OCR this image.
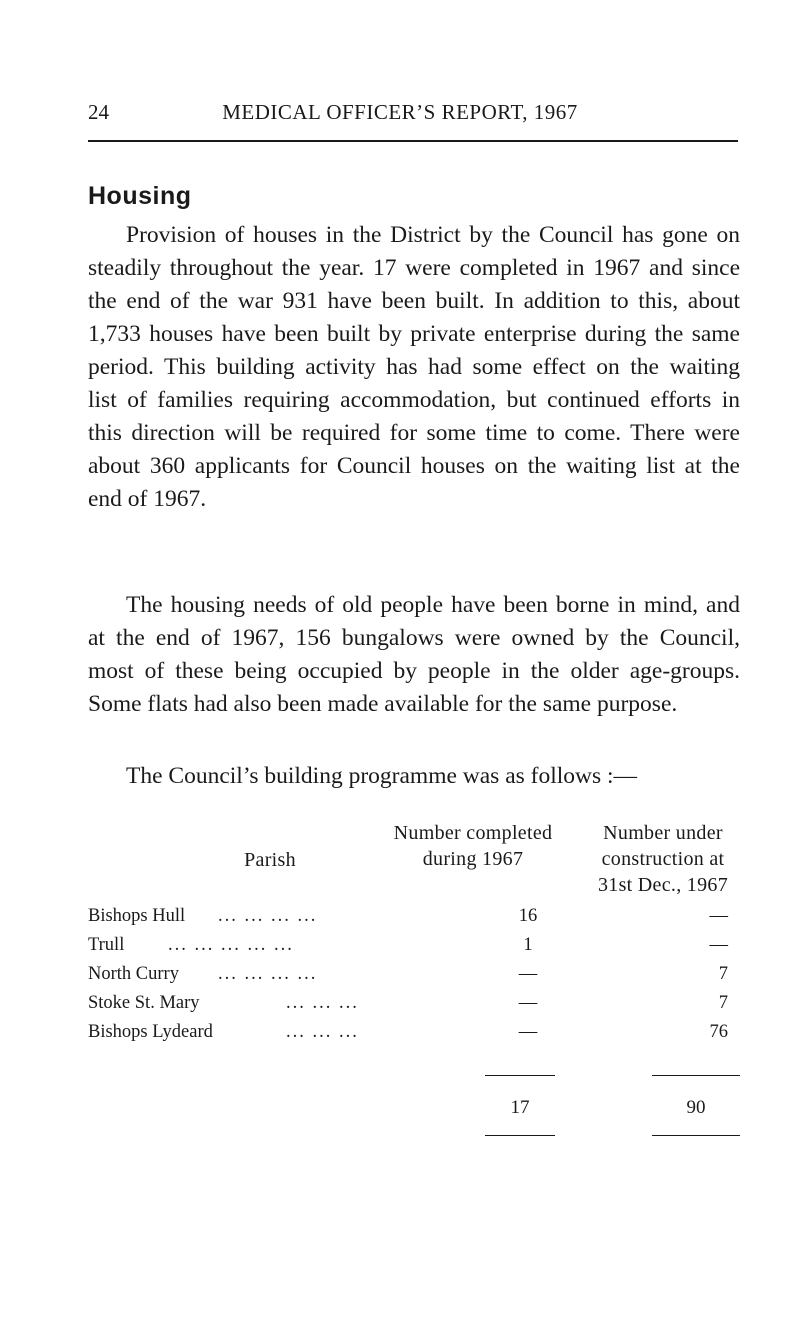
24	MEDICAL OFFICER’S REPORT, 1967
Housing

Provision of houses in the District by the Council has gone on
steadily throughout the year. 17 were completed in 1967 and since
the end of the war 931 have been built. In addition to this, about
1,733 houses have been built by private enterprise during the same
period. This building activity has had some effect on the waiting
list of families requiring accommodation, but continued efforts in
this direction will be required for some time to come. There were
about 360 applicants for Council houses on the waiting list at the
end of 1967.

The housing needs of old people have been borne in mind, and
at the end of 1967, 156 bungalows were owned by the Council,
most of these being occupied by people in the older age-groups.
Some flats had also been made available for the same purpose.

The Council’s building programme was as follows :—

Parish
Number completed
during 1967
Number under
construction at
31st Dec., 1967
Bishops Hull ... ... ... ...	16	—
Trull ... ... ... ... ...	1	—
North Curry ... ... ... ...	—	7
Stoke St. Mary	... ... ...	—	7
Bishops Lydeard	... ... ...	—	76
17	90
